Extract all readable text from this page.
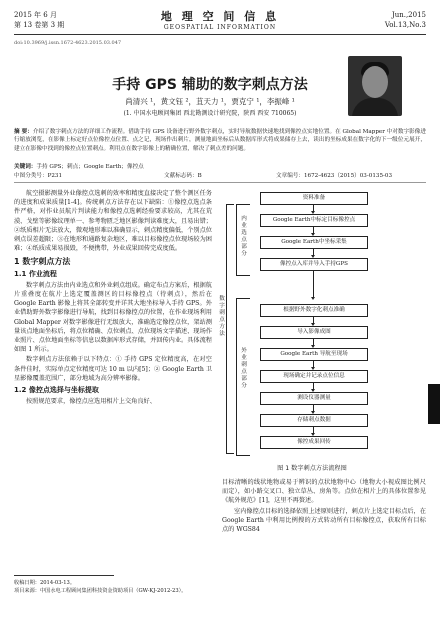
2015 年 6 月
第 13 卷第 3 期
地 理 空 间 信 息
GEOSPATIAL INFORMATION
Jun.,2015
Vol.13,No.3
doi:10.3969/j.issn.1672-4623.2015.03.047
手持 GPS 辅助的数字刺点方法
尚清兴 ¹，黄文钰 ²，苴天力 ¹，贾克宁 ¹，李振峰 ¹
(1. 中国水电顾问集团 西北勘测设计研究院，陕西 西安 710065)
摘 要：介绍了数字刺点方法的详细工作流程。借助手持 GPS 设备进行野外数字刺点，实时导航数据快速地找到像控点实地位置。在 Global Mapper 中对数字影像进行缩放浏览，在影像上标定好点位像控点位置、点之记，现场作出刺片，测量地面坐标后从数据库形式将成果储存上去，读出的坐标成果在数字化的下一级位元展开，建立在影像中找到的像控点位置刺点。利用点在数字影像上的精确位置，解决了刺点差的问题。
关键词：手持 GPS；刺点；Google Earth；像控点
中图分类号：P231	文献标志码：B	文章编号：1672-4623（2015）03-0135-03

航空摄影测量外业像控点选刺的效率和精度直接决定了整个测区任务的进度和成果质量[1-4]。传统刺点方法存在以下缺陷：①像控点选点条件严格，对作业员航片判读能力和像控点选刺经验要求较高，尤其在荒漠、戈壁等影像纹理单一、参考物匮乏地区影像判读难度大，且易出错；②纸质相片无法放大，微观地形难以准确显示，刺点精度偏低，个别点位刺点误差超限；③在地形和通路复杂地区，难以目标像控点位现场较为困难；④纸质成果易损毁，不便携带，外业成果回传完成度低。

1 数字刺点方法
1.1 作业流程

数字刺点方法由内业选点和外业刺点组成。确定布点方案后，根据航片重叠度在航片上选定覆盖测区的目标像控点（待刺点），然后在 Google Earth 影像上将其全部转变并详其大地坐标导入手持 GPS。外业借助野外数字影像进行导航，找到目标像控点的位置，在作业现场利用 Global Mapper 对数字影像进行无级放大，准确选定像控点位，架站测量该点地面坐标后，将点位精确、点位刺点、点位现场文字描述、现场作业照片、点位地面坐标等信息以数据库形式存储，并回传内业。具体流程如图 1 所示。

数字刺点方法依赖于以下特点：① 手持 GPS 定位精度高，在对空条件佳时，实际单点定位精度可达 10 m 以内[5]；② Google Earth 卫星影像覆盖范围广，部分地域为高分辨率影像。

1.2 像控点选择与坐标提取

按照规范要求，像控点应选用相片上交角良好、

数字刺点方法
内业选点部分
外业刺点部分
资料准备
Google Earth中标定目标像控点
Google Earth中坐标采集
像控点入库并导入手持GPS
根据野外数字化刺点准确
导入影像成图
Google Earth 导航至现场
现场确定并记录点位信息
测设仪器测量
存储刺点数据
像控成果回传
图 1 数字刺点方法流程图

目标清晰的线状地物或易于辨识的点状地物中心（地物大小视成图比例尺而定），如小路交叉口、独立草丛、房角等。点位在相片上的具体位置参见《航外规范》[1]，这里不再赘述。

室内像控点目标的选择依照上述原则进行，刺点片上选定目标点后，在 Google Earth 中利用比例搜的方式转动所有目标像控点，获取所有目标点的 WGS84

收稿日期：2014-03-13。
项目来源：中国水电工程顾问集团科技资金资助项目（GW-KJ-2012-23）。
